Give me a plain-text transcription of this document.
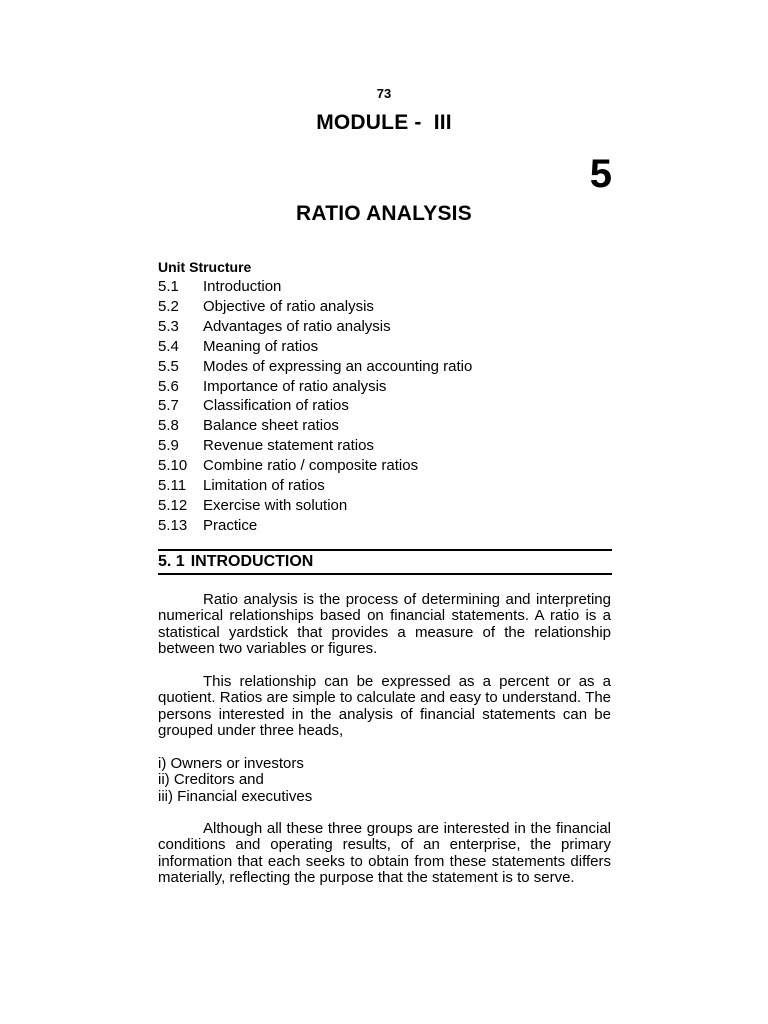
73
MODULE -  III
5
RATIO ANALYSIS
Unit Structure
5.1	Introduction
5.2	Objective of ratio analysis
5.3	Advantages of ratio analysis
5.4	Meaning of ratios
5.5	Modes of expressing an accounting ratio
5.6	Importance of ratio analysis
5.7	Classification of ratios
5.8	Balance sheet ratios
5.9	Revenue statement ratios
5.10	Combine ratio / composite ratios
5.11	Limitation of ratios
5.12	Exercise with solution
5.13	Practice
5. 1 INTRODUCTION

Ratio analysis is the process of determining and interpreting numerical relationships based on financial statements. A ratio is a statistical yardstick that provides a measure of the relationship between two variables or figures.

This relationship can be expressed as a percent or as a quotient. Ratios are simple to calculate and easy to understand. The persons interested in the analysis of financial statements can be grouped under three heads,

i) Owners or investors

ii) Creditors and

iii) Financial executives

Although all these three groups are interested in the financial conditions and operating results, of an enterprise, the primary information that each seeks to obtain from these statements differs materially, reflecting the purpose that the statement is to serve.
